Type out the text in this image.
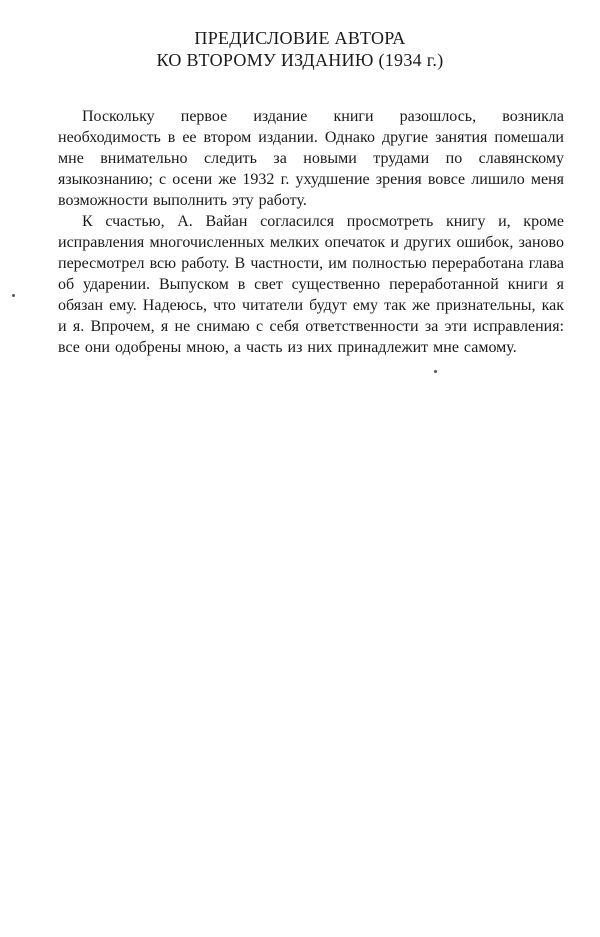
ПРЕДИСЛОВИЕ АВТОРА
КО ВТОРОМУ ИЗДАНИЮ (1934 г.)

Поскольку первое издание книги разошлось, возникла необходимость в ее втором издании. Однако другие занятия помешали мне внимательно следить за новыми трудами по славянскому языкознанию; с осени же 1932 г. ухудшение зрения вовсе лишило меня возможности выполнить эту работу.

К счастью, А. Вайан согласился просмотреть книгу и, кроме исправления многочисленных мелких опечаток и других ошибок, заново пересмотрел всю работу. В частности, им полностью переработана глава об ударении. Выпуском в свет существенно переработанной книги я обязан ему. Надеюсь, что читатели будут ему так же признательны, как и я. Впрочем, я не снимаю с себя ответственности за эти исправления: все они одобрены мною, а часть из них принадлежит мне самому.
